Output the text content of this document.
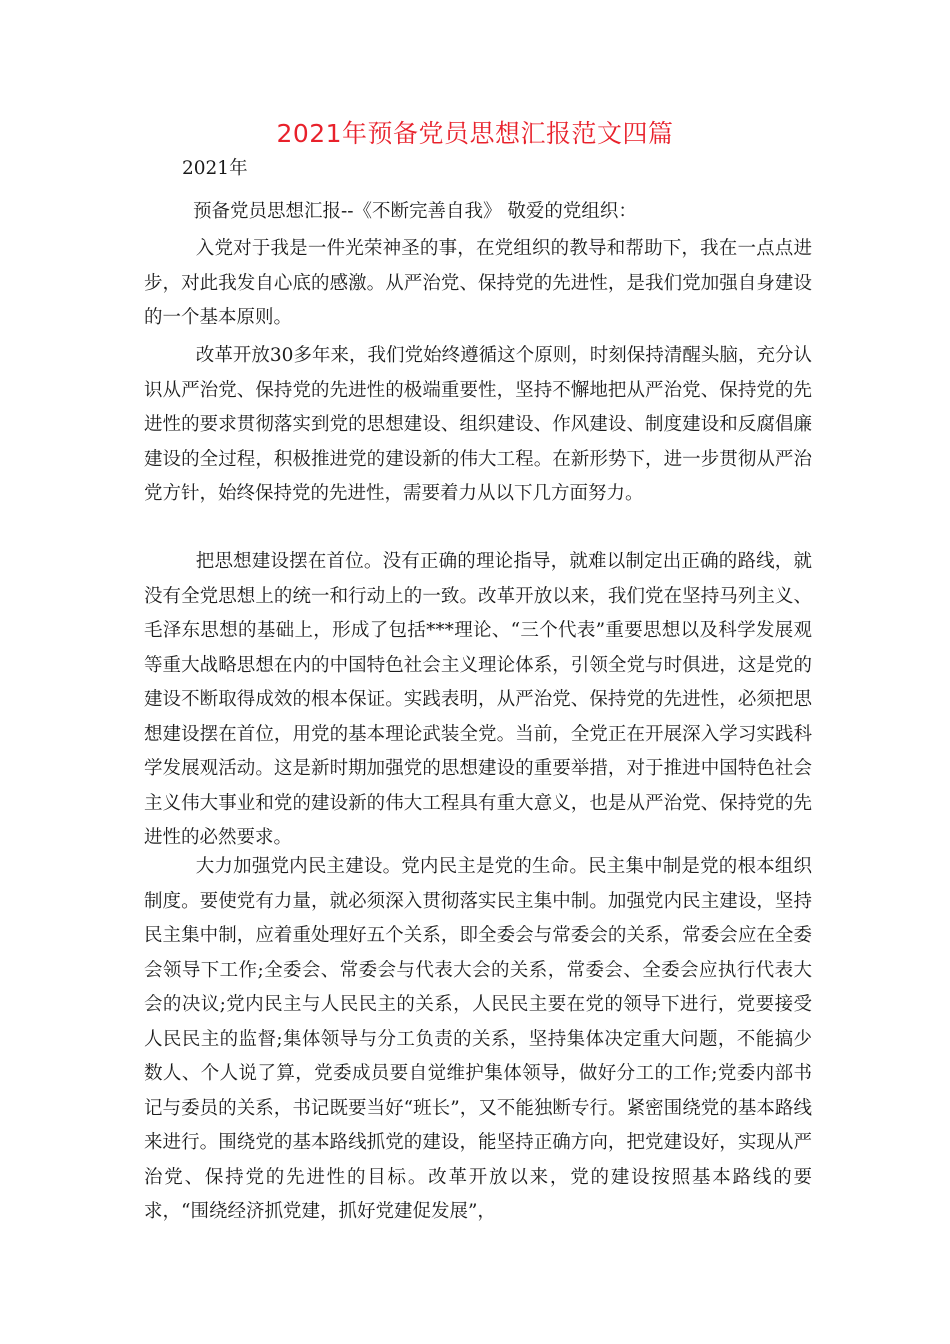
2021年预备党员思想汇报范文四篇

2021年

预备党员思想汇报--《不断完善自我》 敬爱的党组织：

入党对于我是一件光荣神圣的事，在党组织的教导和帮助下，我在一点点进步，对此我发自心底的感激。从严治党、保持党的先进性，是我们党加强自身建设的一个基本原则。

改革开放30多年来，我们党始终遵循这个原则，时刻保持清醒头脑，充分认识从严治党、保持党的先进性的极端重要性，坚持不懈地把从严治党、保持党的先进性的要求贯彻落实到党的思想建设、组织建设、作风建设、制度建设和反腐倡廉建设的全过程，积极推进党的建设新的伟大工程。在新形势下，进一步贯彻从严治党方针，始终保持党的先进性，需要着力从以下几方面努力。

把思想建设摆在首位。没有正确的理论指导，就难以制定出正确的路线，就没有全党思想上的统一和行动上的一致。改革开放以来，我们党在坚持马列主义、毛泽东思想的基础上，形成了包括***理论、“三个代表”重要思想以及科学发展观等重大战略思想在内的中国特色社会主义理论体系，引领全党与时俱进，这是党的建设不断取得成效的根本保证。实践表明，从严治党、保持党的先进性，必须把思想建设摆在首位，用党的基本理论武装全党。当前，全党正在开展深入学习实践科学发展观活动。这是新时期加强党的思想建设的重要举措，对于推进中国特色社会主义伟大事业和党的建设新的伟大工程具有重大意义，也是从严治党、保持党的先进性的必然要求。

大力加强党内民主建设。党内民主是党的生命。民主集中制是党的根本组织制度。要使党有力量，就必须深入贯彻落实民主集中制。加强党内民主建设，坚持民主集中制，应着重处理好五个关系，即全委会与常委会的关系，常委会应在全委会领导下工作;全委会、常委会与代表大会的关系，常委会、全委会应执行代表大会的决议;党内民主与人民民主的关系，人民民主要在党的领导下进行，党要接受人民民主的监督;集体领导与分工负责的关系，坚持集体决定重大问题，不能搞少数人、个人说了算，党委成员要自觉维护集体领导，做好分工的工作;党委内部书记与委员的关系，书记既要当好“班长”，又不能独断专行。紧密围绕党的基本路线来进行。围绕党的基本路线抓党的建设，能坚持正确方向，把党建设好，实现从严治党、保持党的先进性的目标。改革开放以来，党的建设按照基本路线的要求，“围绕经济抓党建，抓好党建促发展”，
